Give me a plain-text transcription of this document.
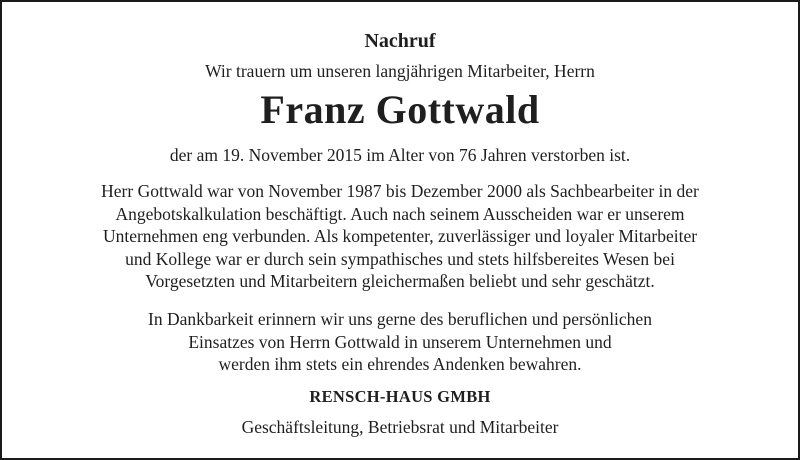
Nachruf
Wir trauern um unseren langjährigen Mitarbeiter, Herrn
Franz Gottwald
der am 19. November 2015 im Alter von 76 Jahren verstorben ist.
Herr Gottwald war von November 1987 bis Dezember 2000 als Sachbearbeiter in der
Angebotskalkulation beschäftigt. Auch nach seinem Ausscheiden war er unserem
Unternehmen eng verbunden. Als kompetenter, zuverlässiger und loyaler Mitarbeiter
und Kollege war er durch sein sympathisches und stets hilfsbereites Wesen bei
Vorgesetzten und Mitarbeitern gleichermaßen beliebt und sehr geschätzt.
In Dankbarkeit erinnern wir uns gerne des beruflichen und persönlichen
Einsatzes von Herrn Gottwald in unserem Unternehmen und
werden ihm stets ein ehrendes Andenken bewahren.
RENSCH-HAUS GMBH
Geschäftsleitung, Betriebsrat und Mitarbeiter
